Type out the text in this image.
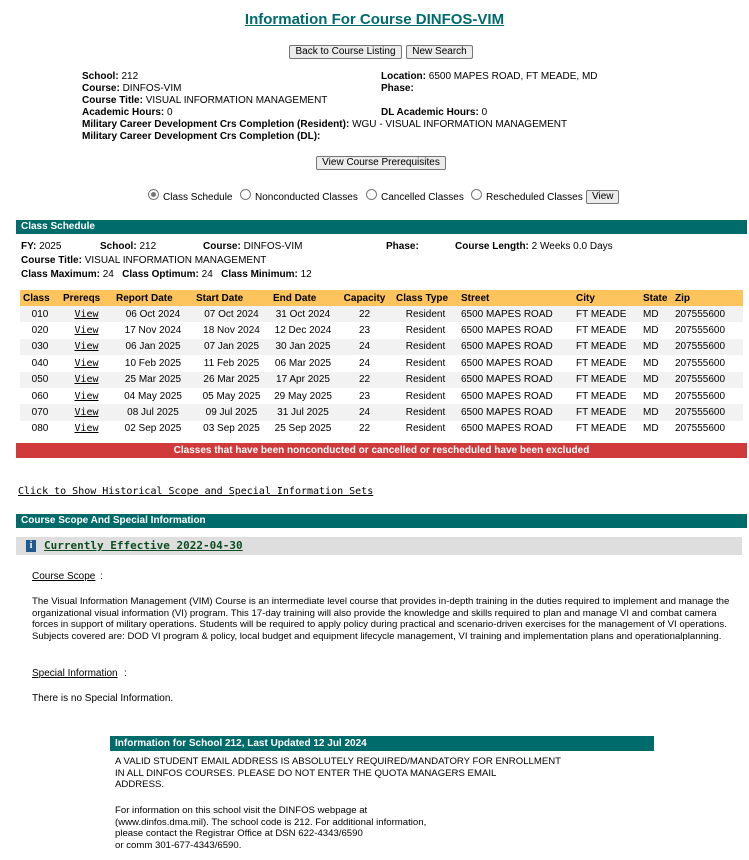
Information For Course DINFOS-VIM
Back to Course Listing	New Search
School: 212
Course: DINFOS-VIM
Course Title: VISUAL INFORMATION MANAGEMENT
Academic Hours: 0
Military Career Development Crs Completion (Resident): WGU - VISUAL INFORMATION MANAGEMENT
Military Career Development Crs Completion (DL):
Location: 6500 MAPES ROAD, FT MEADE, MD
Phase:
DL Academic Hours: 0
View Course Prerequisites
Class Schedule Nonconducted Classes Cancelled Classes Rescheduled Classes View
Class Schedule
FY: 2025	School: 212	Course: DINFOS-VIM	Phase:	Course Length: 2 Weeks 0.0 Days
Course Title: VISUAL INFORMATION MANAGEMENT
Class Maximum: 24 Class Optimum: 24 Class Minimum: 12
Class	Prereqs	Report Date	Start Date	End Date	Capacity	Class Type	Street	City	State	Zip
010	View	06 Oct 2024	07 Oct 2024	31 Oct 2024	22	Resident	6500 MAPES ROAD	FT MEADE	MD	207555600
020	View	17 Nov 2024	18 Nov 2024	12 Dec 2024	23	Resident	6500 MAPES ROAD	FT MEADE	MD	207555600
030	View	06 Jan 2025	07 Jan 2025	30 Jan 2025	24	Resident	6500 MAPES ROAD	FT MEADE	MD	207555600
040	View	10 Feb 2025	11 Feb 2025	06 Mar 2025	24	Resident	6500 MAPES ROAD	FT MEADE	MD	207555600
050	View	25 Mar 2025	26 Mar 2025	17 Apr 2025	22	Resident	6500 MAPES ROAD	FT MEADE	MD	207555600
060	View	04 May 2025	05 May 2025	29 May 2025	23	Resident	6500 MAPES ROAD	FT MEADE	MD	207555600
070	View	08 Jul 2025	09 Jul 2025	31 Jul 2025	24	Resident	6500 MAPES ROAD	FT MEADE	MD	207555600
080	View	02 Sep 2025	03 Sep 2025	25 Sep 2025	22	Resident	6500 MAPES ROAD	FT MEADE	MD	207555600
Classes that have been nonconducted or cancelled or rescheduled have been excluded
Click to Show Historical Scope and Special Information Sets
Course Scope And Special Information
i	Currently Effective 2022-04-30
Course Scope :
The Visual Information Management (VIM) Course is an intermediate level course that provides in-depth training in the duties required to implement and manage the organizational visual information (VI) program. This 17-day training will also provide the knowledge and skills required to plan and manage VI and combat camera forces in support of military operations. Students will be required to apply policy during practical and scenario-driven exercises for the management of VI operations. Subjects covered are: DOD VI program & policy, local budget and equipment lifecycle management, VI training and implementation plans and operationalplanning.
Special Information :
There is no Special Information.
Information for School 212, Last Updated 12 Jul 2024
A VALID STUDENT EMAIL ADDRESS IS ABSOLUTELY REQUIRED/MANDATORY FOR ENROLLMENT
IN ALL DINFOS COURSES. PLEASE DO NOT ENTER THE QUOTA MANAGERS EMAIL
ADDRESS.
For information on this school visit the DINFOS webpage at
(www.dinfos.dma.mil). The school code is 212. For additional information,
please contact the Registrar Office at DSN 622-4343/6590
or comm 301-677-4343/6590.
